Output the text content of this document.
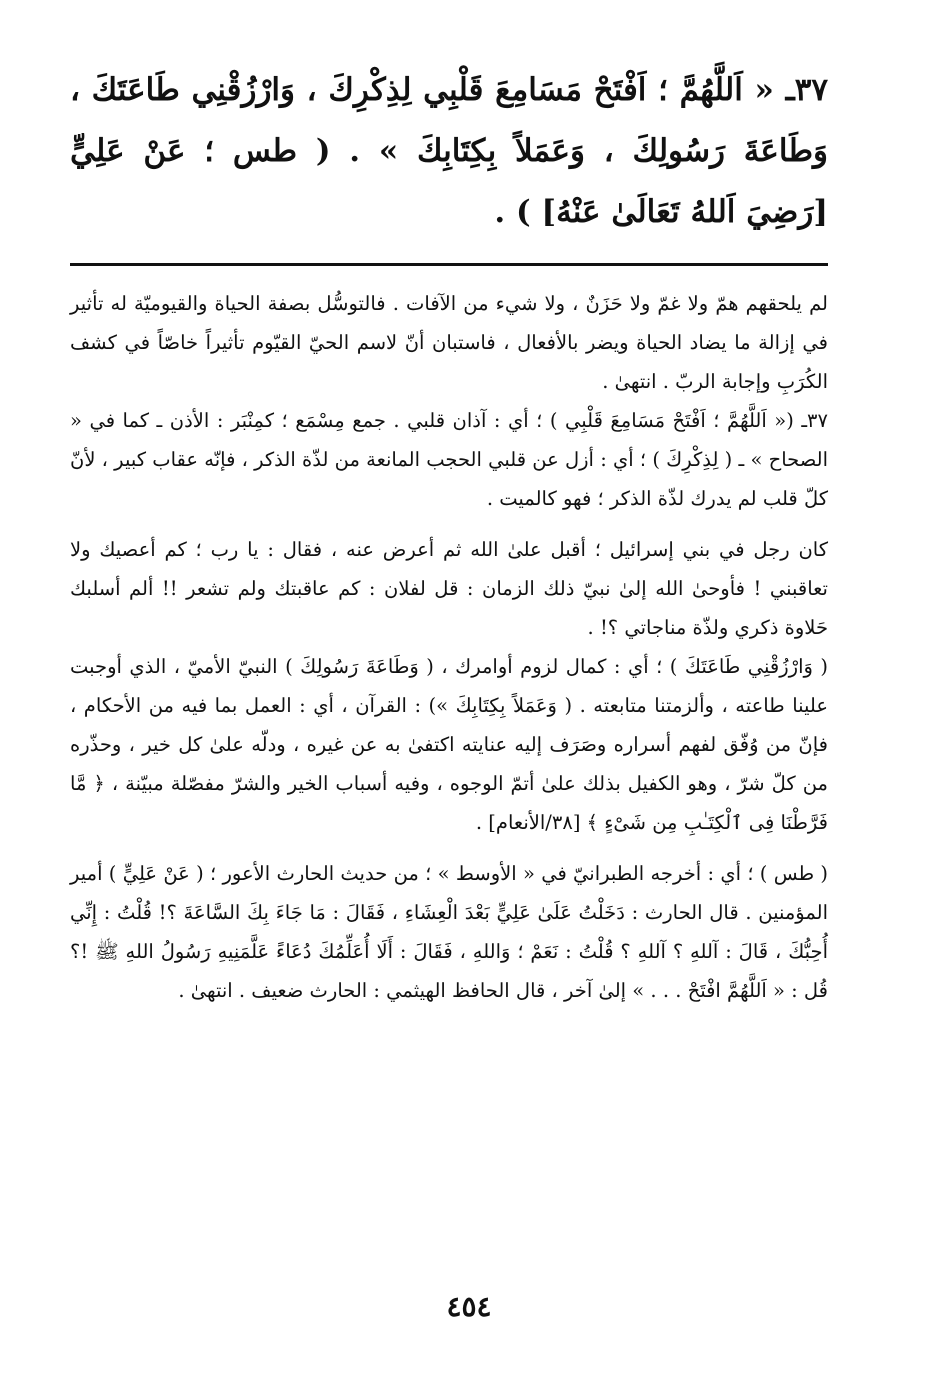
٣٧ـ « اَللَّهُمَّ ؛ اَفْتَحْ مَسَامِعَ قَلْبِي لِذِكْرِكَ ، وَارْزُقْنِي طَاعَتَكَ ، وَطَاعَةَ رَسُولِكَ ، وَعَمَلاً بِكِتَابِكَ » . ( طس ؛ عَنْ عَلِيٍّ [رَضِيَ اَللهُ تَعَالَىٰ عَنْهُ] ) .

لم يلحقهم همّ ولا غمّ ولا حَزَنٌ ، ولا شيء من الآفات . فالتوسُّل بصفة الحياة والقيوميّة له تأثير في إزالة ما يضاد الحياة ويضر بالأفعال ، فاستبان أنّ لاسم الحيّ القيّوم تأثيراً خاصّاً في كشف الكُرَبِ وإجابة الربّ . انتهىٰ .

٣٧ـ (« اَللَّهُمَّ ؛ اَفْتَحْ مَسَامِعَ قَلْبِي ) ؛ أي : آذان قلبي . جمع مِسْمَع ؛ كمِنْبَر : الأذن ـ كما في « الصحاح » ـ ( لِذِكْرِكَ ) ؛ أي : أزل عن قلبي الحجب المانعة من لذّة الذكر ، فإنّه عقاب كبير ، لأنّ كلّ قلب لم يدرك لذّة الذكر ؛ فهو كالميت .

كان رجل في بني إسرائيل ؛ أقبل علىٰ الله ثم أعرض عنه ، فقال : يا رب ؛ كم أعصيك ولا تعاقبني ! فأوحىٰ الله إلىٰ نبيّ ذلك الزمان : قل لفلان : كم عاقبتك ولم تشعر !! ألم أسلبك حَلاوة ذكري ولذّة مناجاتي ؟! .

( وَارْزُقْنِي طَاعَتَكَ ) ؛ أي : كمال لزوم أوامرك ، ( وَطَاعَةَ رَسُولِكَ ) النبيّ الأميّ ، الذي أوجبت علينا طاعته ، وألزمتنا متابعته . ( وَعَمَلاً بِكِتَابِكَ ») : القرآن ، أي : العمل بما فيه من الأحكام ، فإنّ من وُفّق لفهم أسراره وصَرَف إليه عنايته اكتفىٰ به عن غيره ، ودلّه علىٰ كل خير ، وحذّره من كلّ شرّ ، وهو الكفيل بذلك علىٰ أتمّ الوجوه ، وفيه أسباب الخير والشرّ مفصّلة مبيّنة ، ﴿ مَّا فَرَّطْنَا فِى ٱلْكِتَـٰبِ مِن شَىْءٍ ﴾ [٣٨/الأنعام] .

( طس ) ؛ أي : أخرجه الطبرانيّ في « الأوسط » ؛ من حديث الحارث الأعور ؛ ( عَنْ عَلِيٍّ ) أمير المؤمنين . قال الحارث : دَخَلْتُ عَلَىٰ عَلِيٍّ بَعْدَ الْعِشَاءِ ، فَقَالَ : مَا جَاءَ بِكَ السَّاعَةَ ؟! قُلْتُ : إِنِّي أُحِبُّكَ ، قَالَ : آللهِ ؟ آللهِ ؟ قُلْتُ : نَعَمْ ؛ وَاللهِ ، فَقَالَ : أَلَا أُعَلِّمُكَ دُعَاءً عَلَّمَنِيهِ رَسُولُ اللهِ ﷺ !؟ قُل : « اَللَّهُمَّ افْتَحْ . . . » إلىٰ آخر ، قال الحافظ الهيثمي : الحارث ضعيف . انتهىٰ .

٤٥٤
